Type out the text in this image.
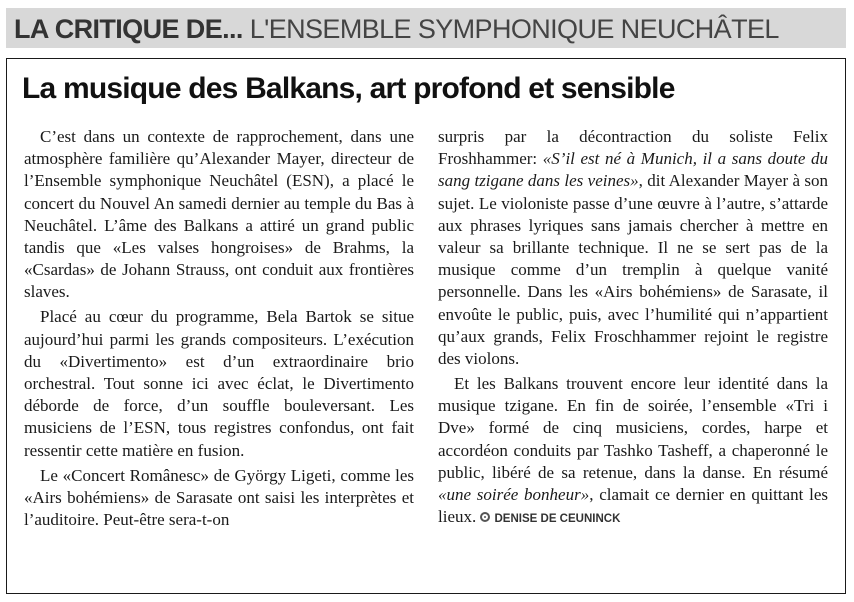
LA CRITIQUE DE... L'ENSEMBLE SYMPHONIQUE NEUCHÂTEL
La musique des Balkans, art profond et sensible

C’est dans un contexte de rapprochement, dans une atmosphère familière qu’Alexander Mayer, directeur de l’Ensemble symphonique Neuchâtel (ESN), a placé le concert du Nouvel An samedi dernier au temple du Bas à Neuchâtel. L’âme des Balkans a attiré un grand public tandis que «Les valses hongroises» de Brahms, la «Csardas» de Johann Strauss, ont conduit aux frontières slaves.

Placé au cœur du programme, Bela Bartok se situe aujourd’hui parmi les grands compositeurs. L’exécution du «Divertimento» est d’un extraordinaire brio orchestral. Tout sonne ici avec éclat, le Divertimento déborde de force, d’un souffle bouleversant. Les musiciens de l’ESN, tous registres confondus, ont fait ressentir cette matière en fusion.

Le «Concert Românesc» de György Ligeti, comme les «Airs bohémiens» de Sarasate ont saisi les interprètes et l’auditoire. Peut-être sera-t-on

surpris par la décontraction du soliste Felix Froshhammer: «S’il est né à Munich, il a sans doute du sang tzigane dans les veines», dit Alexander Mayer à son sujet. Le violoniste passe d’une œuvre à l’autre, s’attarde aux phrases lyriques sans jamais chercher à mettre en valeur sa brillante technique. Il ne se sert pas de la musique comme d’un tremplin à quelque vanité personnelle. Dans les «Airs bohémiens» de Sarasate, il envoûte le public, puis, avec l’humilité qui n’appartient qu’aux grands, Felix Froschhammer rejoint le registre des violons.

Et les Balkans trouvent encore leur identité dans la musique tzigane. En fin de soirée, l’ensemble «Tri i Dve» formé de cinq musiciens, cordes, harpe et accordéon conduits par Tashko Tasheff, a chaperonné le public, libéré de sa retenue, dans la danse. En résumé «une soirée bonheur», clamait ce dernier en quittant les lieux. DENISE DE CEUNINCK
